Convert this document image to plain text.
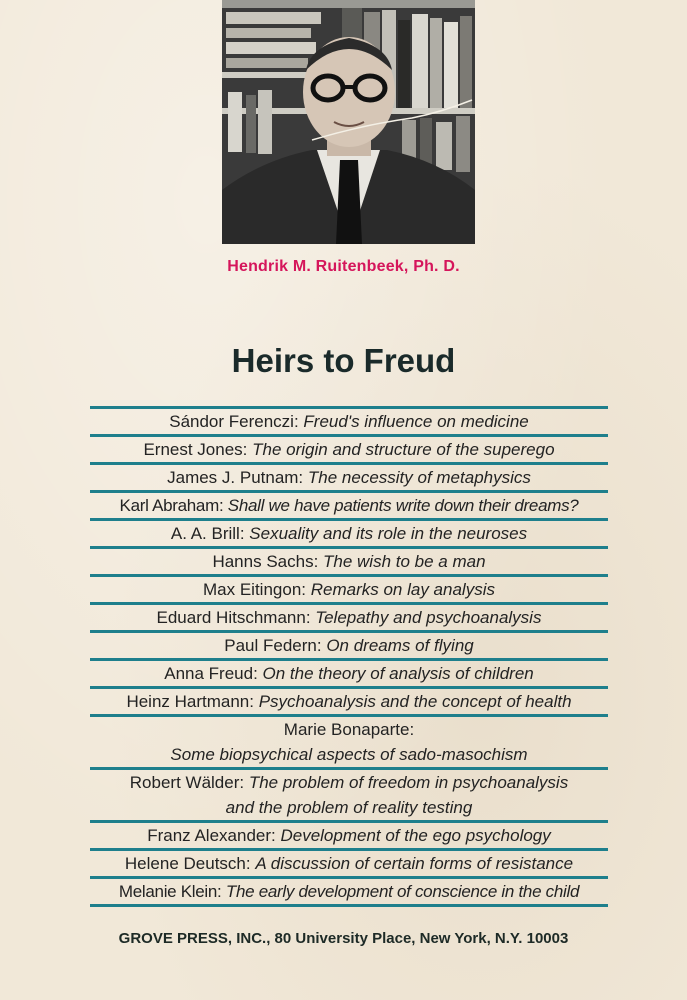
Hendrik M. Ruitenbeek, Ph. D.
Heirs to Freud
Sándor Ferenczi: Freud's influence on medicine
Ernest Jones: The origin and structure of the superego
James J. Putnam: The necessity of metaphysics
Karl Abraham: Shall we have patients write down their dreams?
A. A. Brill: Sexuality and its role in the neuroses
Hanns Sachs: The wish to be a man
Max Eitingon: Remarks on lay analysis
Eduard Hitschmann: Telepathy and psychoanalysis
Paul Federn: On dreams of flying
Anna Freud: On the theory of analysis of children
Heinz Hartmann: Psychoanalysis and the concept of health
Marie Bonaparte:
Some biopsychical aspects of sado-masochism
Robert Wälder: The problem of freedom in psychoanalysis
and the problem of reality testing
Franz Alexander: Development of the ego psychology
Helene Deutsch: A discussion of certain forms of resistance
Melanie Klein: The early development of conscience in the child
GROVE PRESS, INC., 80 University Place, New York, N.Y. 10003
